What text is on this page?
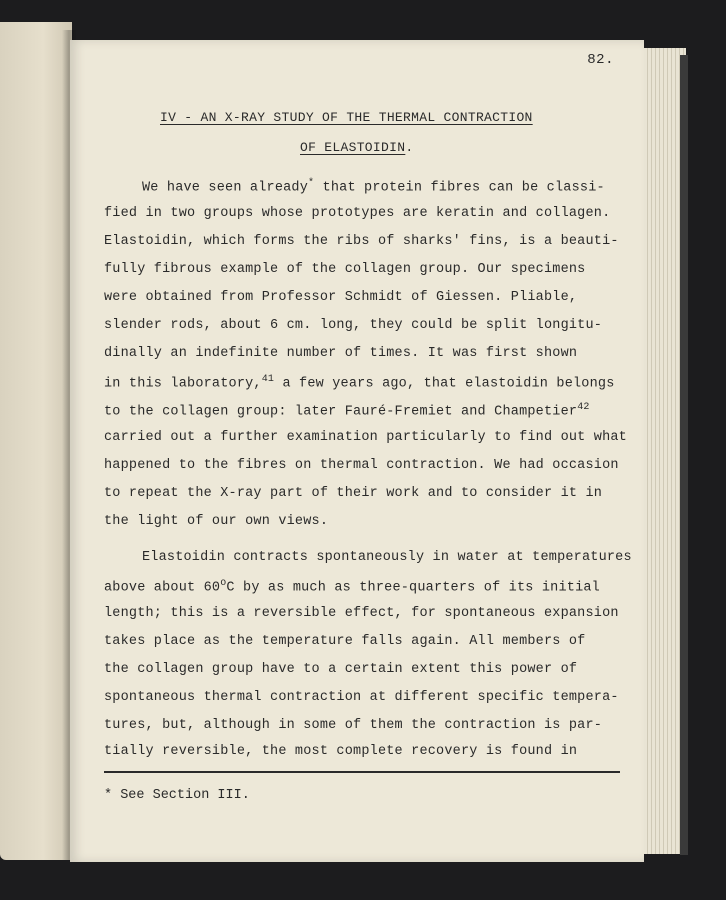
82.
IV - AN X-RAY STUDY OF THE THERMAL CONTRACTION
OF ELASTOIDIN.
We have seen already* that protein fibres can be classi-
fied in two groups whose prototypes are keratin and collagen.
Elastoidin, which forms the ribs of sharks' fins, is a beauti-
fully fibrous example of the collagen group. Our specimens
were obtained from Professor Schmidt of Giessen. Pliable,
slender rods, about 6 cm. long, they could be split longitu-
dinally an indefinite number of times. It was first shown
in this laboratory,$^{41}$ a few years ago, that elastoidin belongs
to the collagen group: later Fauré-Fremiet and Champetier$^{42}$
carried out a further examination particularly to find out what
happened to the fibres on thermal contraction. We had occasion
to repeat the X-ray part of their work and to consider it in
the light of our own views.
Elastoidin contracts spontaneously in water at temperatures
above about 60$^o$C by as much as three-quarters of its initial
length; this is a reversible effect, for spontaneous expansion
takes place as the temperature falls again. All members of
the collagen group have to a certain extent this power of
spontaneous thermal contraction at different specific tempera-
tures, but, although in some of them the contraction is par-
tially reversible, the most complete recovery is found in
* See Section III.
